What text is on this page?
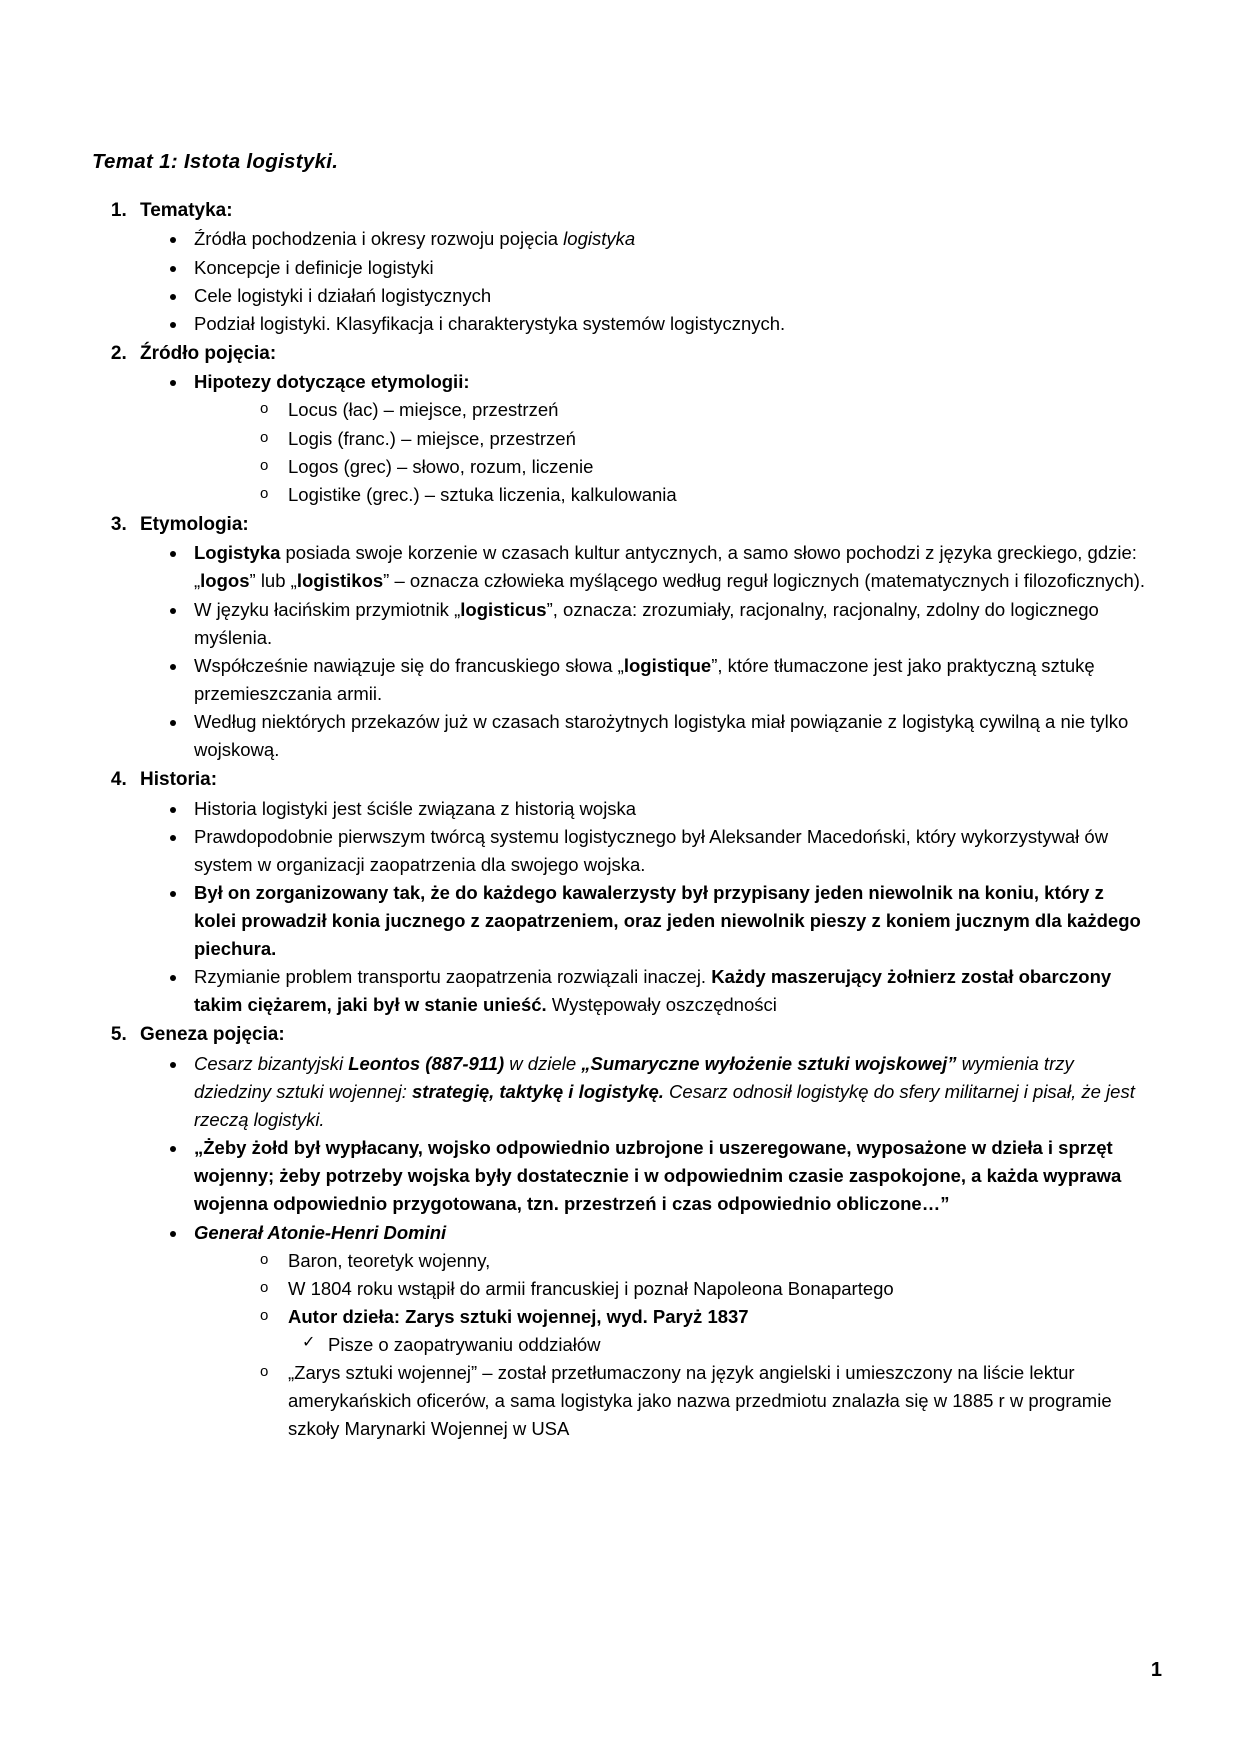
Temat 1: Istota logistyki.
1. Tematyka:
• Źródła pochodzenia i okresy rozwoju pojęcia logistyka
• Koncepcje i definicje logistyki
• Cele logistyki i działań logistycznych
• Podział logistyki. Klasyfikacja i charakterystyka systemów logistycznych.
2. Źródło pojęcia:
• Hipotezy dotyczące etymologii:
o Locus (łac) – miejsce, przestrzeń
o Logis (franc.) – miejsce, przestrzeń
o Logos (grec) – słowo, rozum, liczenie
o Logistike (grec.) – sztuka liczenia, kalkulowania
3. Etymologia:
• Logistyka posiada swoje korzenie w czasach kultur antycznych, a samo słowo pochodzi z języka greckiego, gdzie: „logos” lub „logistikos” – oznacza człowieka myślącego według reguł logicznych (matematycznych i filozoficznych).
• W języku łacińskim przymiotnik „logisticus”, oznacza: zrozumiały, racjonalny, racjonalny, zdolny do logicznego myślenia.
• Współcześnie nawiązuje się do francuskiego słowa „logistique”, które tłumaczone jest jako praktyczną sztukę przemieszczania armii.
• Według niektórych przekazów już w czasach starożytnych logistyka miał powiązanie z logistyką cywilną a nie tylko wojskową.
4. Historia:
• Historia logistyki jest ściśle związana z historią wojska
• Prawdopodobnie pierwszym twórcą systemu logistycznego był Aleksander Macedoński, który wykorzystywał ów system w organizacji zaopatrzenia dla swojego wojska.
• Był on zorganizowany tak, że do każdego kawalerzysty był przypisany jeden niewolnik na koniu, który z kolei prowadził konia jucznego z zaopatrzeniem, oraz jeden niewolnik pieszy z koniem jucznym dla każdego piechura.
• Rzymianie problem transportu zaopatrzenia rozwiązali inaczej. Każdy maszerujący żołnierz został obarczony takim ciężarem, jaki był w stanie unieść. Występowały oszczędności
5. Geneza pojęcia:
• Cesarz bizantyjski Leontos (887-911) w dziele „Sumaryczne wyłożenie sztuki wojskowej” wymienia trzy dziedziny sztuki wojennej: strategię, taktykę i logistykę. Cesarz odnosił logistykę do sfery militarnej i pisał, że jest rzeczą logistyki.
• „Żeby żołd był wypłacany, wojsko odpowiednio uzbrojone i uszeregowane, wyposażone w dzieła i sprzęt wojenny; żeby potrzeby wojska były dostatecznie i w odpowiednim czasie zaspokojone, a każda wyprawa wojenna odpowiednio przygotowana, tzn. przestrzeń i czas odpowiednio obliczone…”
• Generał Atonie-Henri Domini
o Baron, teoretyk wojenny,
o W 1804 roku wstąpił do armii francuskiej i poznał Napoleona Bonapartego
o Autor dzieła: Zarys sztuki wojennej, wyd. Paryż 1837
✓ Pisze o zaopatrywaniu oddziałów
o „Zarys sztuki wojennej” – został przetłumaczony na język angielski i umieszczony na liście lektur amerykańskich oficerów, a sama logistyka jako nazwa przedmiotu znalazła się w 1885 r w programie szkoły Marynarki Wojennej w USA
1
